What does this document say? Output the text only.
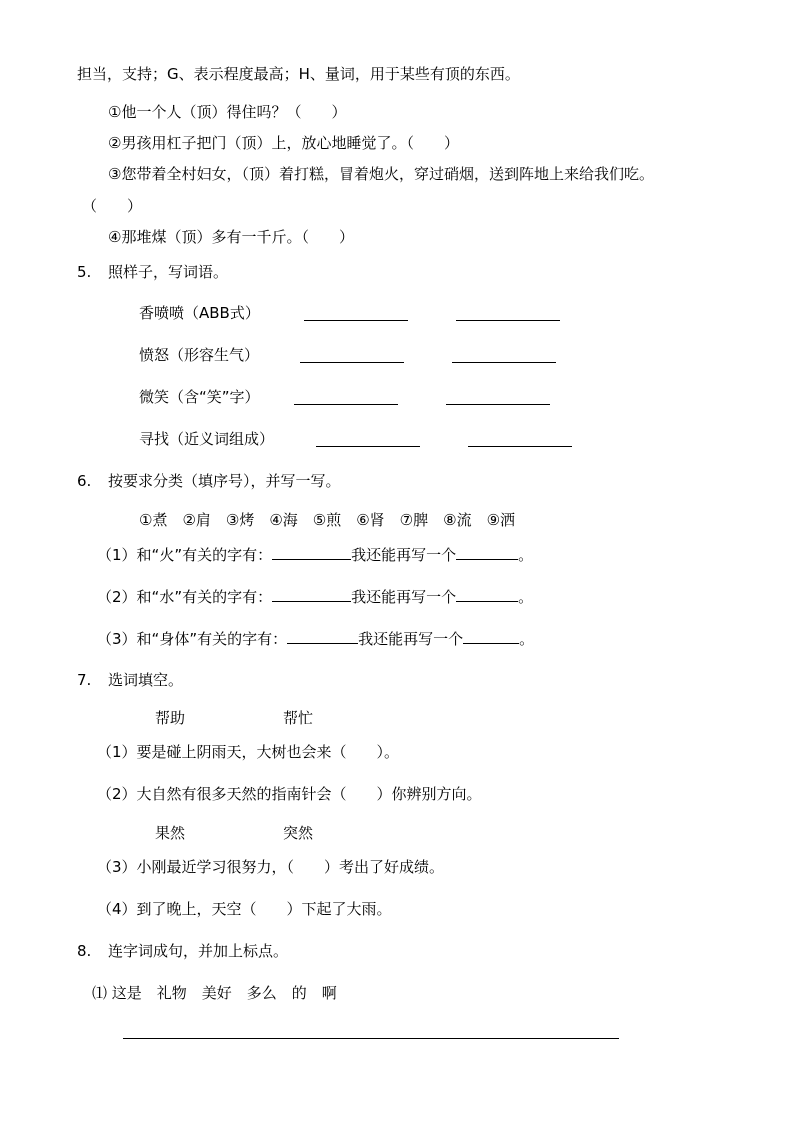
担当，支持；G、表示程度最高；H、量词，用于某些有顶的东西。
①他一个人（顶）得住吗？（　　）
②男孩用杠子把门（顶）上，放心地睡觉了。（　　）
③您带着全村妇女，（顶）着打糕，冒着炮火，穿过硝烟，送到阵地上来给我们吃。
（　　）
④那堆煤（顶）多有一千斤。（　　）
5. 照样子，写词语。
香喷喷（ABB式）
愤怒（形容生气）
微笑（含“笑”字）
寻找（近义词组成）
6. 按要求分类（填序号），并写一写。
①煮　②肩　③烤　④海　⑤煎　⑥肾　⑦脾　⑧流　⑨洒
（1）和“火”有关的字有：	我还能再写一个	。
（2）和“水”有关的字有：	我还能再写一个	。
（3）和“身体”有关的字有：	我还能再写一个	。
7. 选词填空。
帮助	帮忙
（1）要是碰上阴雨天，大树也会来（　　）。
（2）大自然有很多天然的指南针会（　　）你辨别方向。
果然	突然
（3）小刚最近学习很努力，（　　）考出了好成绩。
（4）到了晚上，天空（　　）下起了大雨。
8. 连字词成句，并加上标点。
⑴ 这是　礼物　美好　多么　的　啊
